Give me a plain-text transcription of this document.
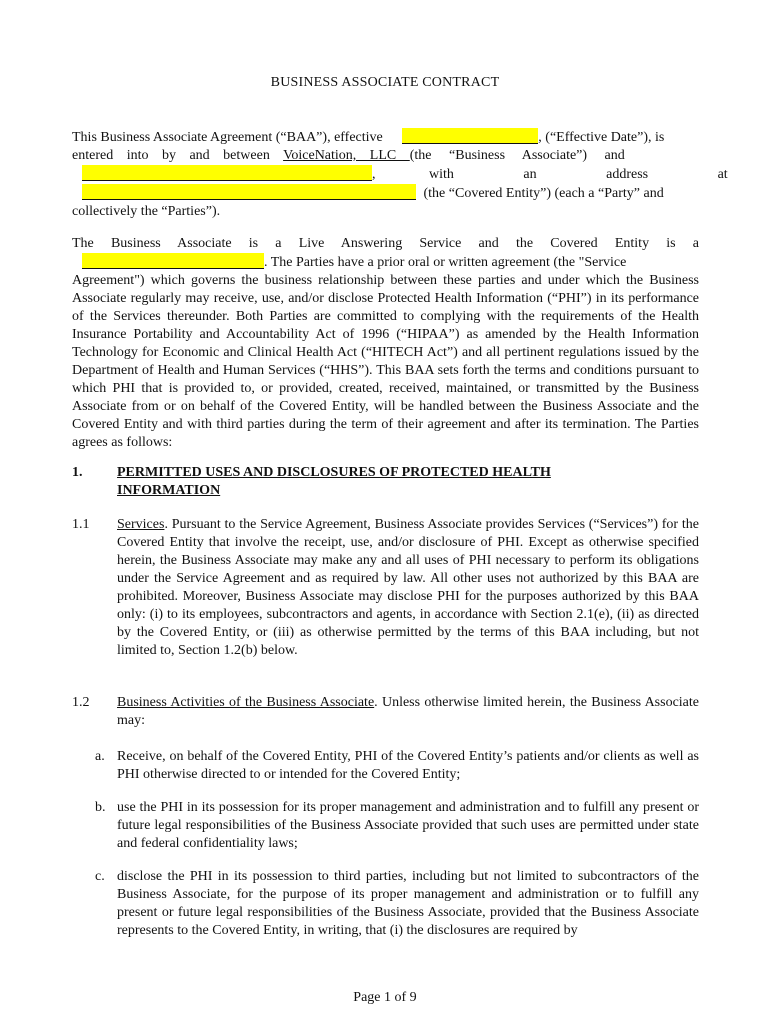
BUSINESS ASSOCIATE CONTRACT
This Business Associate Agreement (“BAA”), effective	, (“Effective Date”), is
entered into by and between VoiceNation, LLC (the “Business Associate”) and
,	with an address at
(the “Covered Entity”) (each a “Party” and
collectively the “Parties”).
The Business Associate is a Live Answering Service and the Covered Entity is a
. The Parties have a prior oral or written agreement (the "Service
Agreement") which governs the business relationship between these parties and under which the Business Associate regularly may receive, use, and/or disclose Protected Health Information (“PHI”) in its performance of the Services thereunder. Both Parties are committed to complying with the requirements of the Health Insurance Portability and Accountability Act of 1996 (“HIPAA”) as amended by the Health Information Technology for Economic and Clinical Health Act (“HITECH Act”) and all pertinent regulations issued by the Department of Health and Human Services (“HHS”). This BAA sets forth the terms and conditions pursuant to which PHI that is provided to, or provided, created, received, maintained, or transmitted by the Business Associate from or on behalf of the Covered Entity, will be handled between the Business Associate and the Covered Entity and with third parties during the term of their agreement and after its termination. The Parties agrees as follows:
1.	PERMITTED USES AND DISCLOSURES OF PROTECTED HEALTH
INFORMATION
1.1 Services. Pursuant to the Service Agreement, Business Associate provides Services (“Services”) for the Covered Entity that involve the receipt, use, and/or disclosure of PHI. Except as otherwise specified herein, the Business Associate may make any and all uses of PHI necessary to perform its obligations under the Service Agreement and as required by law. All other uses not authorized by this BAA are prohibited. Moreover, Business Associate may disclose PHI for the purposes authorized by this BAA only: (i) to its employees, subcontractors and agents, in accordance with Section 2.1(e), (ii) as directed by the Covered Entity, or (iii) as otherwise permitted by the terms of this BAA including, but not limited to, Section 1.2(b) below.
1.2 Business Activities of the Business Associate. Unless otherwise limited herein, the Business Associate may:
a. Receive, on behalf of the Covered Entity, PHI of the Covered Entity’s patients and/or clients as well as PHI otherwise directed to or intended for the Covered Entity;
b. use the PHI in its possession for its proper management and administration and to fulfill any present or future legal responsibilities of the Business Associate provided that such uses are permitted under state and federal confidentiality laws;
c. disclose the PHI in its possession to third parties, including but not limited to subcontractors of the Business Associate, for the purpose of its proper management and administration or to fulfill any present or future legal responsibilities of the Business Associate, provided that the Business Associate represents to the Covered Entity, in writing, that (i) the disclosures are required by
Page 1 of 9
